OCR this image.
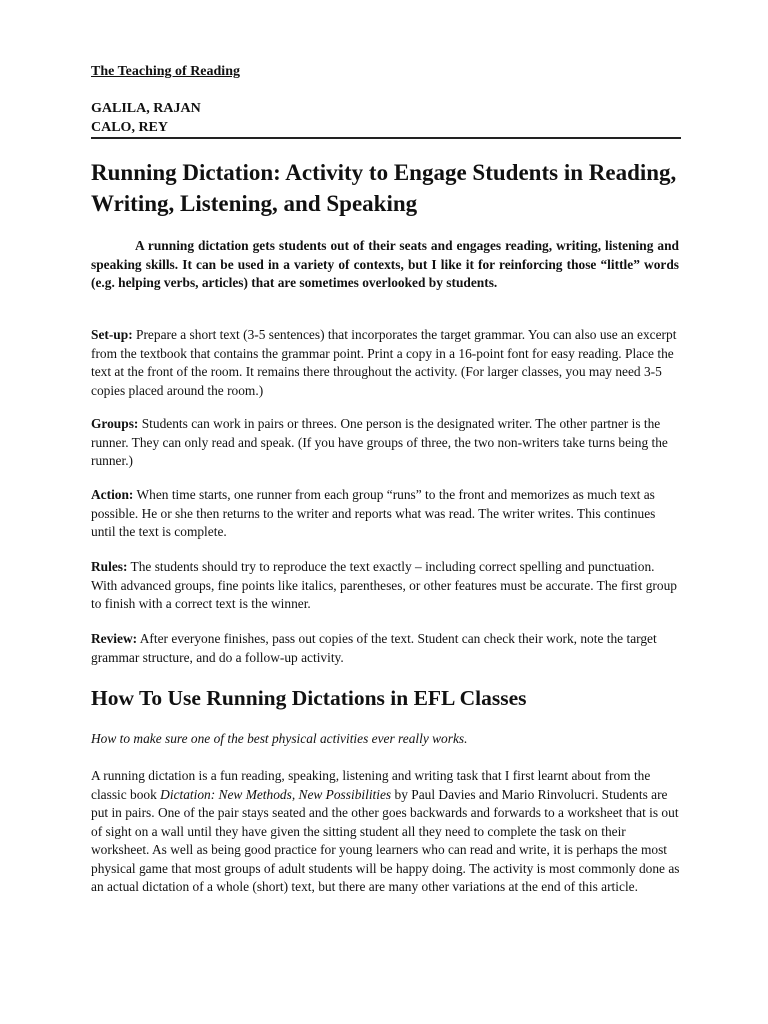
The Teaching of Reading
GALILA, RAJAN
CALO, REY
Running Dictation: Activity to Engage Students in Reading, Writing, Listening, and Speaking

A running dictation gets students out of their seats and engages reading, writing, listening and speaking skills. It can be used in a variety of contexts, but I like it for reinforcing those “little” words (e.g. helping verbs, articles) that are sometimes overlooked by students.

Set-up: Prepare a short text (3-5 sentences) that incorporates the target grammar. You can also use an excerpt from the textbook that contains the grammar point. Print a copy in a 16-point font for easy reading. Place the text at the front of the room. It remains there throughout the activity. (For larger classes, you may need 3-5 copies placed around the room.)

Groups: Students can work in pairs or threes. One person is the designated writer. The other partner is the runner. They can only read and speak. (If you have groups of three, the two non-writers take turns being the runner.)

Action: When time starts, one runner from each group “runs” to the front and memorizes as much text as possible. He or she then returns to the writer and reports what was read. The writer writes. This continues until the text is complete.

Rules: The students should try to reproduce the text exactly – including correct spelling and punctuation. With advanced groups, fine points like italics, parentheses, or other features must be accurate. The first group to finish with a correct text is the winner.

Review: After everyone finishes, pass out copies of the text. Student can check their work, note the target grammar structure, and do a follow-up activity.

How To Use Running Dictations in EFL Classes

How to make sure one of the best physical activities ever really works.

A running dictation is a fun reading, speaking, listening and writing task that I first learnt about from the classic book Dictation: New Methods, New Possibilities by Paul Davies and Mario Rinvolucri. Students are put in pairs. One of the pair stays seated and the other goes backwards and forwards to a worksheet that is out of sight on a wall until they have given the sitting student all they need to complete the task on their worksheet. As well as being good practice for young learners who can read and write, it is perhaps the most physical game that most groups of adult students will be happy doing. The activity is most commonly done as an actual dictation of a whole (short) text, but there are many other variations at the end of this article.
